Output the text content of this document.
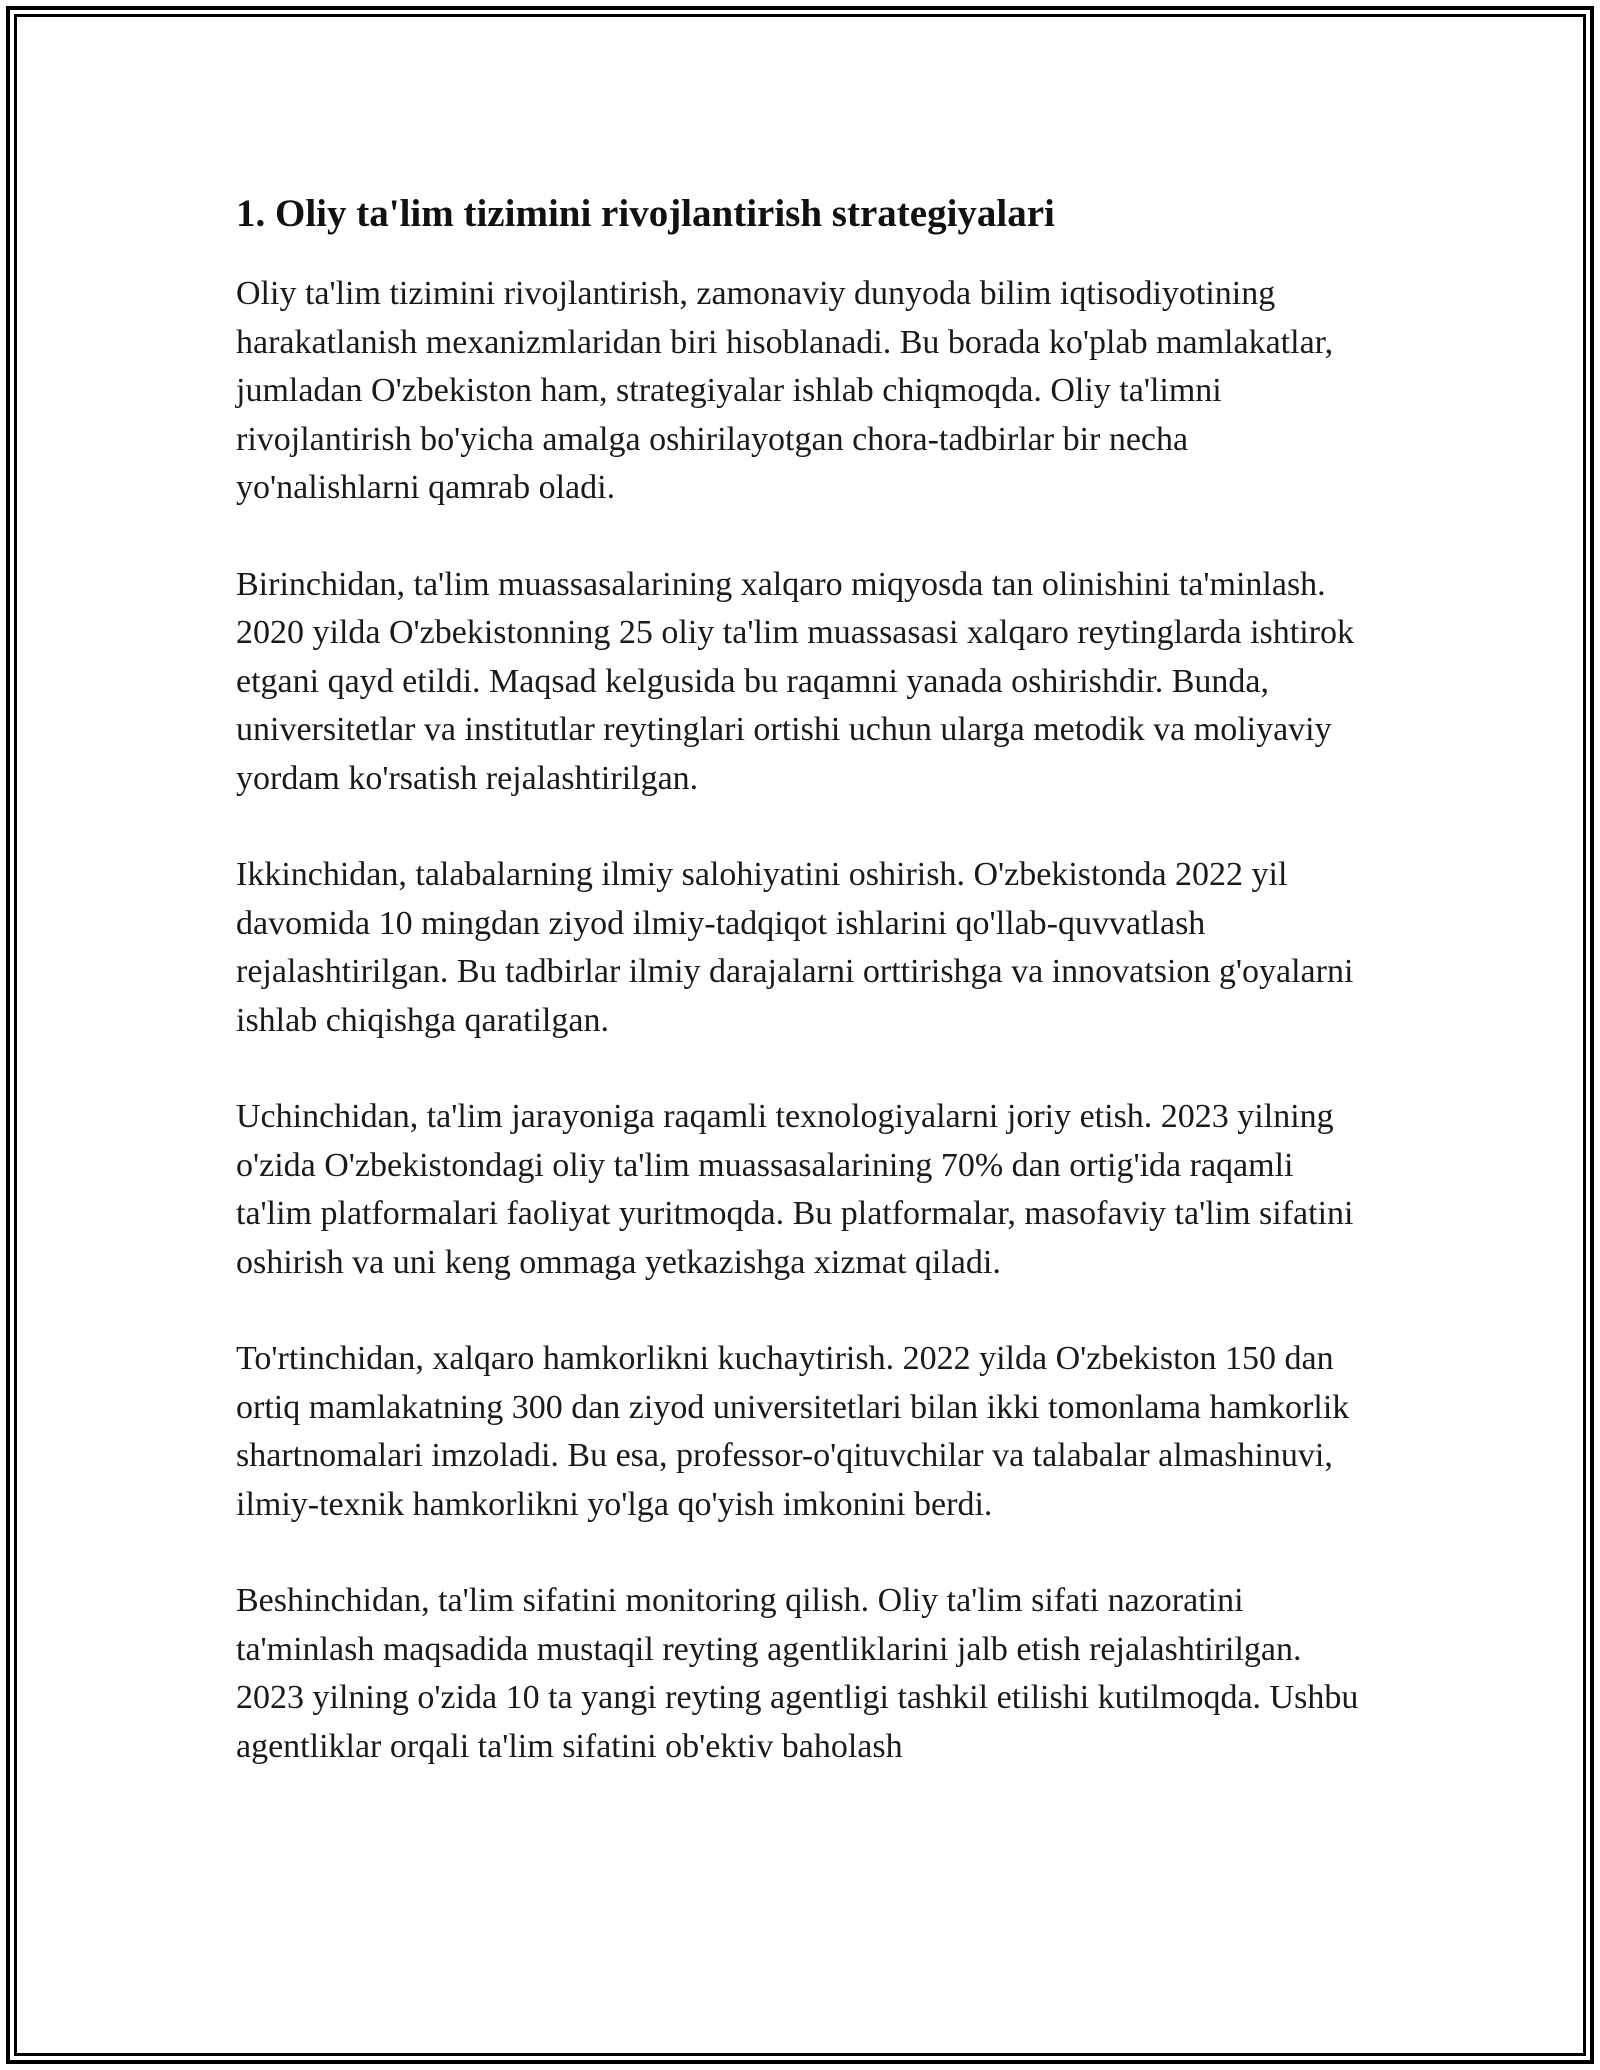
1. Oliy ta'lim tizimini rivojlantirish strategiyalari

Oliy ta'lim tizimini rivojlantirish, zamonaviy dunyoda bilim iqtisodiyotining harakatlanish mexanizmlaridan biri hisoblanadi. Bu borada ko'plab mamlakatlar, jumladan O'zbekiston ham, strategiyalar ishlab chiqmoqda. Oliy ta'limni rivojlantirish bo'yicha amalga oshirilayotgan chora-tadbirlar bir necha yo'nalishlarni qamrab oladi.

Birinchidan, ta'lim muassasalarining xalqaro miqyosda tan olinishini ta'minlash. 2020 yilda O'zbekistonning 25 oliy ta'lim muassasasi xalqaro reytinglarda ishtirok etgani qayd etildi. Maqsad kelgusida bu raqamni yanada oshirishdir. Bunda, universitetlar va institutlar reytinglari ortishi uchun ularga metodik va moliyaviy yordam ko'rsatish rejalashtirilgan.

Ikkinchidan, talabalarning ilmiy salohiyatini oshirish. O'zbekistonda 2022 yil davomida 10 mingdan ziyod ilmiy-tadqiqot ishlarini qo'llab-quvvatlash rejalashtirilgan. Bu tadbirlar ilmiy darajalarni orttirishga va innovatsion g'oyalarni ishlab chiqishga qaratilgan.

Uchinchidan, ta'lim jarayoniga raqamli texnologiyalarni joriy etish. 2023 yilning o'zida O'zbekistondagi oliy ta'lim muassasalarining 70% dan ortig'ida raqamli ta'lim platformalari faoliyat yuritmoqda. Bu platformalar, masofaviy ta'lim sifatini oshirish va uni keng ommaga yetkazishga xizmat qiladi.

To'rtinchidan, xalqaro hamkorlikni kuchaytirish. 2022 yilda O'zbekiston 150 dan ortiq mamlakatning 300 dan ziyod universitetlari bilan ikki tomonlama hamkorlik shartnomalari imzoladi. Bu esa, professor-o'qituvchilar va talabalar almashinuvi, ilmiy-texnik hamkorlikni yo'lga qo'yish imkonini berdi.

Beshinchidan, ta'lim sifatini monitoring qilish. Oliy ta'lim sifati nazoratini ta'minlash maqsadida mustaqil reyting agentliklarini jalb etish rejalashtirilgan. 2023 yilning o'zida 10 ta yangi reyting agentligi tashkil etilishi kutilmoqda. Ushbu agentliklar orqali ta'lim sifatini ob'ektiv baholash
